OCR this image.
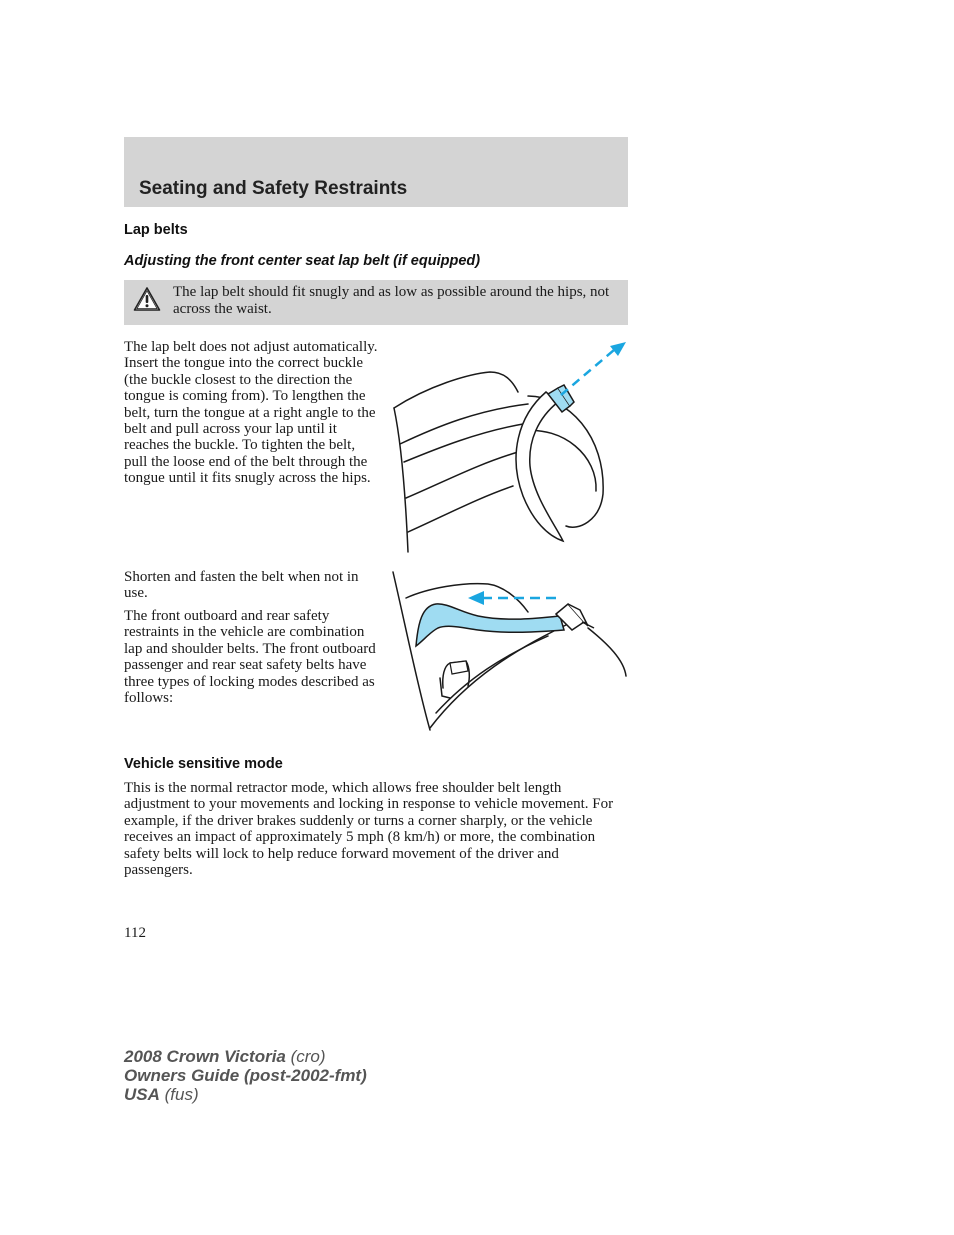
Seating and Safety Restraints
Lap belts
Adjusting the front center seat lap belt (if equipped)
The lap belt should fit snugly and as low as possible around the hips, not across the waist.

The lap belt does not adjust automatically. Insert the tongue into the correct buckle (the buckle closest to the direction the tongue is coming from). To lengthen the belt, turn the tongue at a right angle to the belt and pull across your lap until it reaches the buckle. To tighten the belt, pull the loose end of the belt through the tongue until it fits snugly across the hips.

Shorten and fasten the belt when not in use.

The front outboard and rear safety restraints in the vehicle are combination lap and shoulder belts. The front outboard passenger and rear seat safety belts have three types of locking modes described as follows:

Vehicle sensitive mode

This is the normal retractor mode, which allows free shoulder belt length adjustment to your movements and locking in response to vehicle movement. For example, if the driver brakes suddenly or turns a corner sharply, or the vehicle receives an impact of approximately 5 mph (8 km/h) or more, the combination safety belts will lock to help reduce forward movement of the driver and passengers.

112
2008 Crown Victoria (cro)
Owners Guide (post-2002-fmt)
USA (fus)
